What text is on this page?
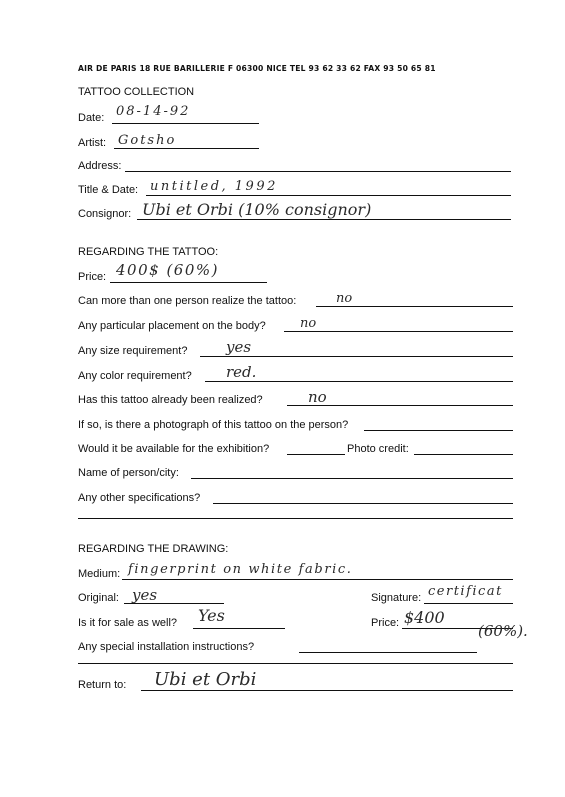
AIR DE PARIS 18 RUE BARILLERIE F 06300 NICE TEL 93 62 33 62 FAX 93 50 65 81
TATTOO COLLECTION
Date: 08-14-92
Artist: Gotsho
Address:
Title & Date: untitled, 1992
Consignor: Ubi et Orbi (10% consignor)
REGARDING THE TATTOO:
Price: 400$ (60%)
Can more than one person realize the tattoo:	no
Any particular placement on the body?	no
Any size requirement?	yes
Any color requirement? red.
Has this tattoo already been realized?	no
If so, is there a photograph of this tattoo on the person?
Would it be available for the exhibition?	Photo credit:
Name of person/city:
Any other specifications?
REGARDING THE DRAWING:
Medium: fingerprint on white fabric.
Original: yes	Signature: certificat
Is it for sale as well? Yes	Price: $400
(60%).
Any special installation instructions?
Return to: Ubi et Orbi
